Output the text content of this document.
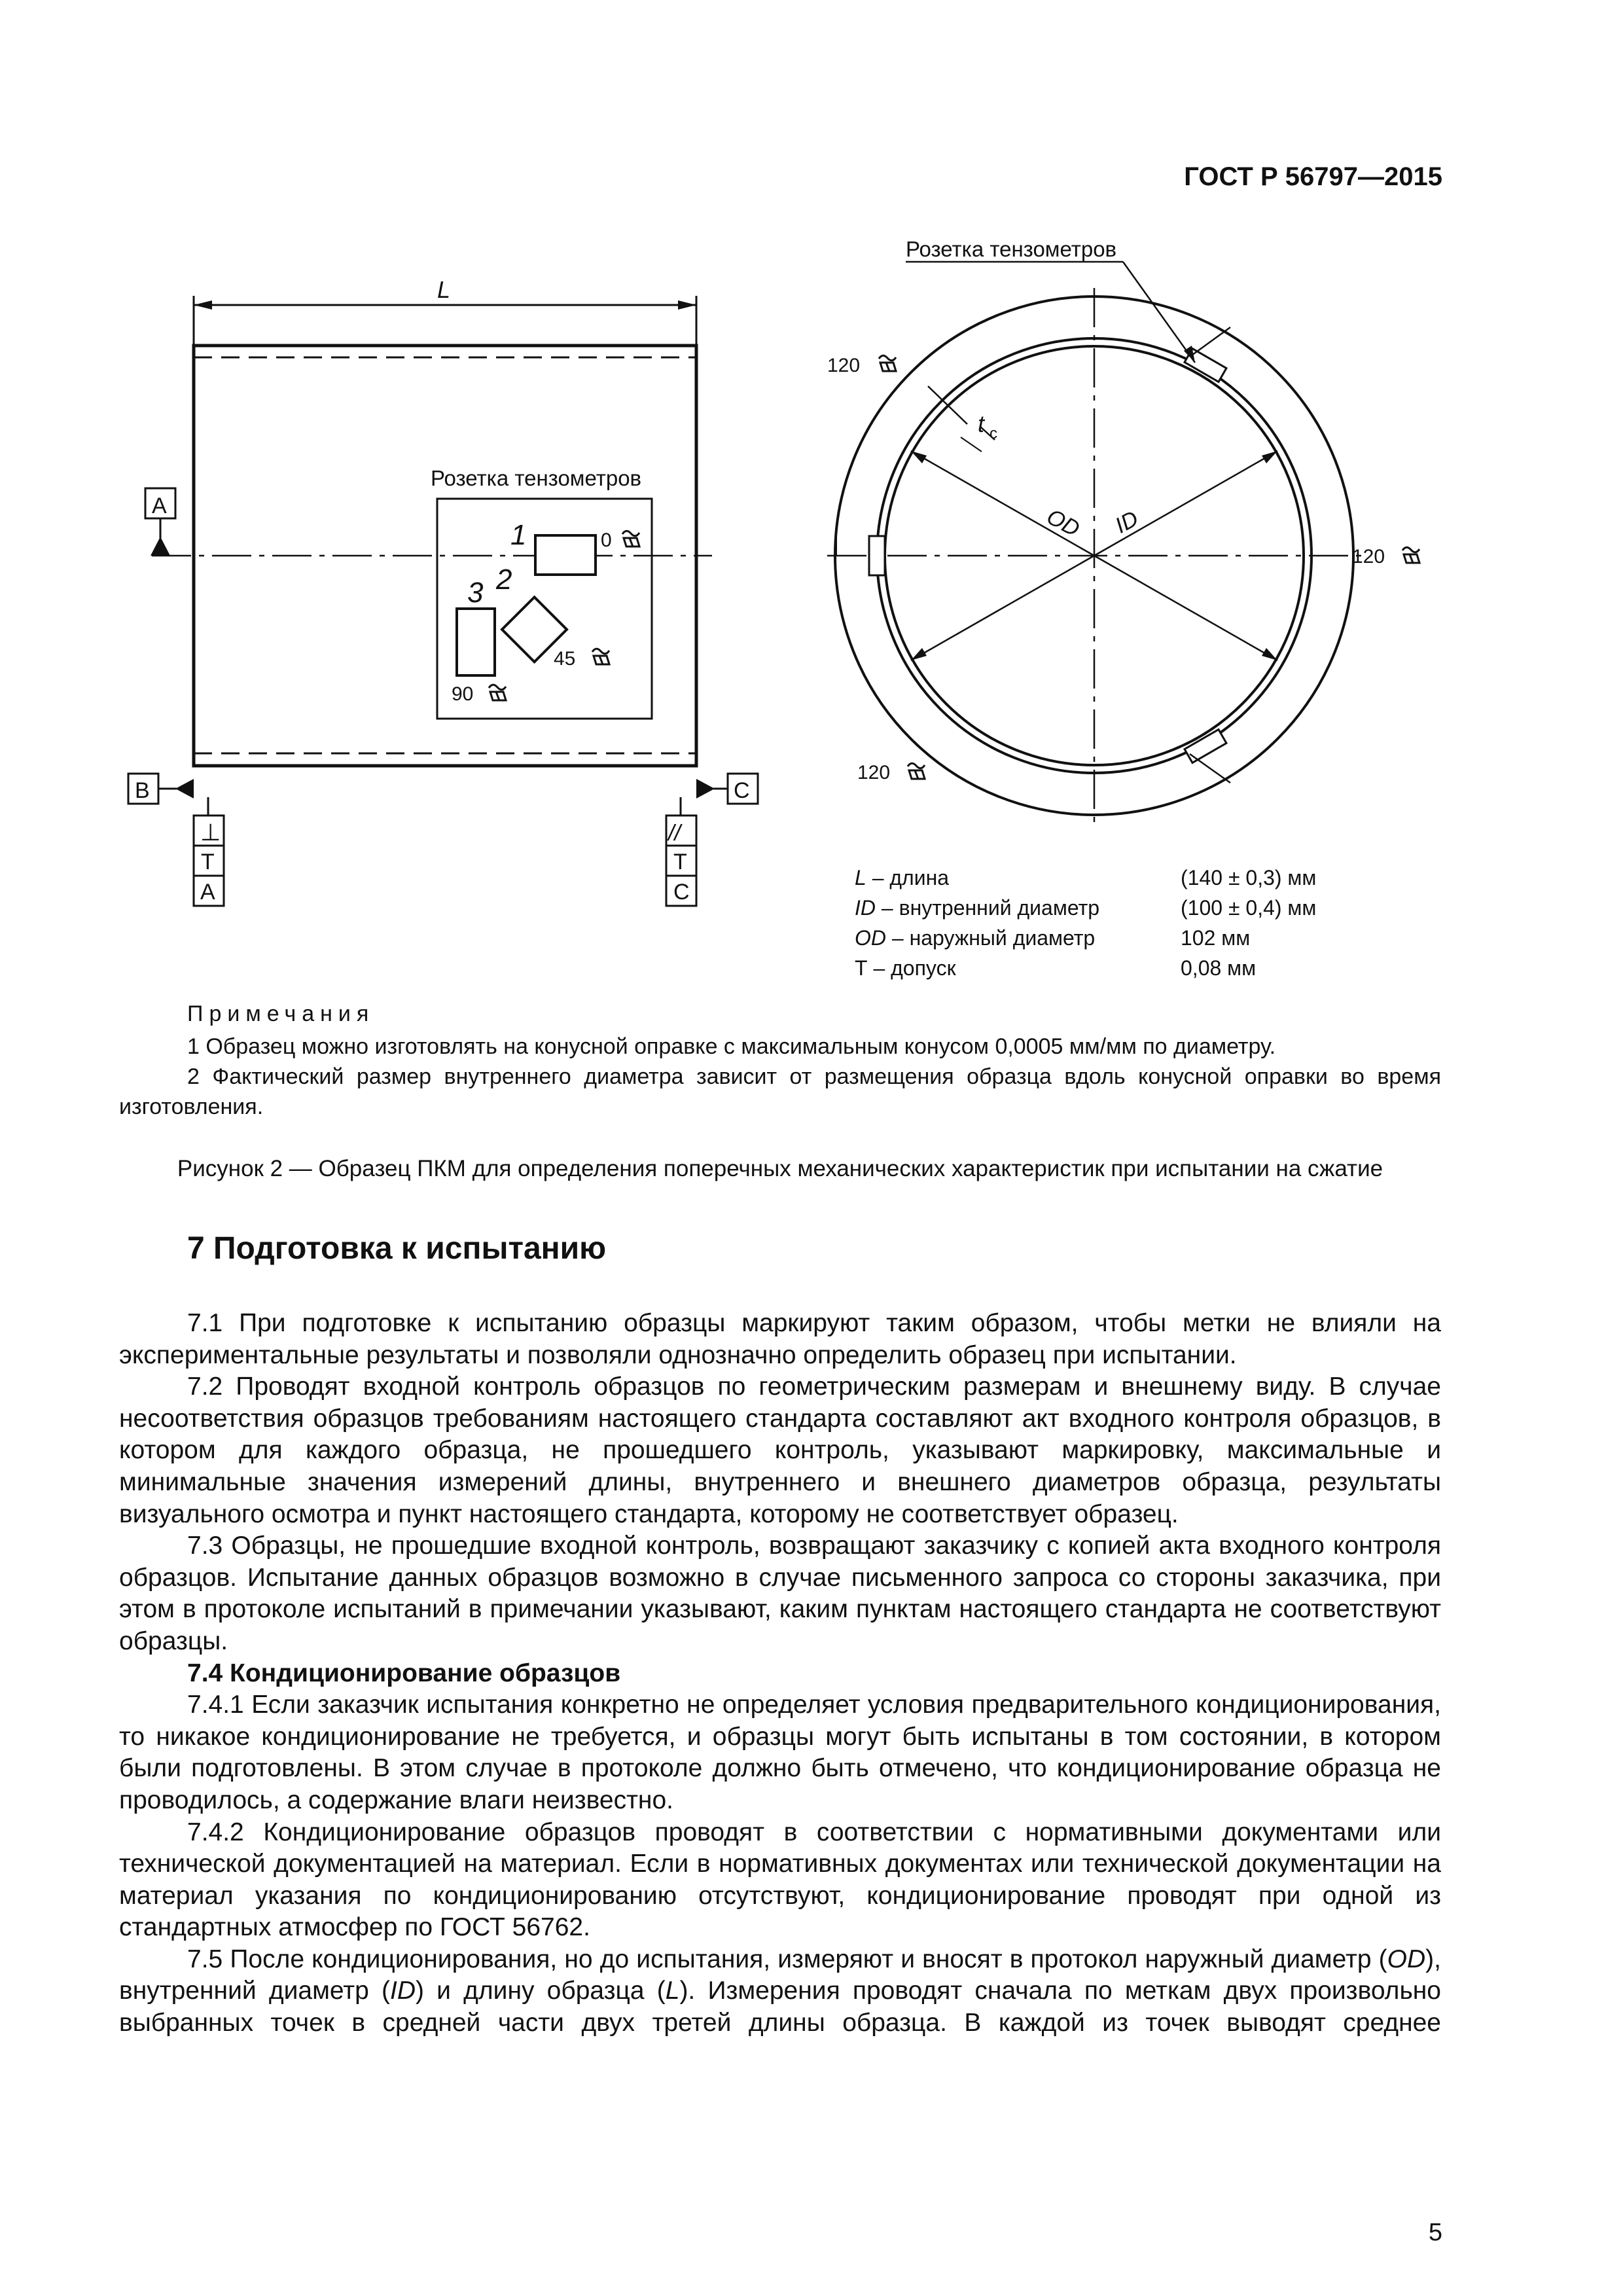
ГОСТ Р 56797—2015
L
Розетка тензометров
1
2
3
0
45
90
A
B	C
⊥
T
A
//
T
C
OD ID
t c
Розетка тензометров
120
120
120
L – длина	(140 ± 0,3) мм
ID – внутренний диаметр	(100 ± 0,4) мм
OD – наружный диаметр	102 мм
Т – допуск	0,08 мм
Примечания

1 Образец можно изготовлять на конусной оправке с максимальным конусом 0,0005 мм/мм по диаметру.

2 Фактический размер внутреннего диаметра зависит от размещения образца вдоль конусной оправки во время изготовления.

Рисунок 2 — Образец ПКМ для определения поперечных механических характеристик при испытании на сжатие
7 Подготовка к испытанию

7.1 При подготовке к испытанию образцы маркируют таким образом, чтобы метки не влияли на экспериментальные результаты и позволяли однозначно определить образец при испытании.

7.2 Проводят входной контроль образцов по геометрическим размерам и внешнему виду. В случае несоответствия образцов требованиям настоящего стандарта составляют акт входного контроля образцов, в котором для каждого образца, не прошедшего контроль, указывают маркировку, максимальные и минимальные значения измерений длины, внутреннего и внешнего диаметров образца, результаты визуального осмотра и пункт настоящего стандарта, которому не соответствует образец.

7.3 Образцы, не прошедшие входной контроль, возвращают заказчику с копией акта входного контроля образцов. Испытание данных образцов возможно в случае письменного запроса со стороны заказчика, при этом в протоколе испытаний в примечании указывают, каким пунктам настоящего стандарта не соответствуют образцы.

7.4 Кондиционирование образцов

7.4.1 Если заказчик испытания конкретно не определяет условия предварительного кондиционирования, то никакое кондиционирование не требуется, и образцы могут быть испытаны в том состоянии, в котором были подготовлены. В этом случае в протоколе должно быть отмечено, что кондиционирование образца не проводилось, а содержание влаги неизвестно.

7.4.2 Кондиционирование образцов проводят в соответствии с нормативными документами или технической документацией на материал. Если в нормативных документах или технической документации на материал указания по кондиционированию отсутствуют, кондиционирование проводят при одной из стандартных атмосфер по ГОСТ 56762.

7.5 После кондиционирования, но до испытания, измеряют и вносят в протокол наружный диаметр (OD), внутренний диаметр (ID) и длину образца (L). Измерения проводят сначала по меткам двух произвольно выбранных точек в средней части двух третей длины образца. В каждой из точек выводят среднее

5
